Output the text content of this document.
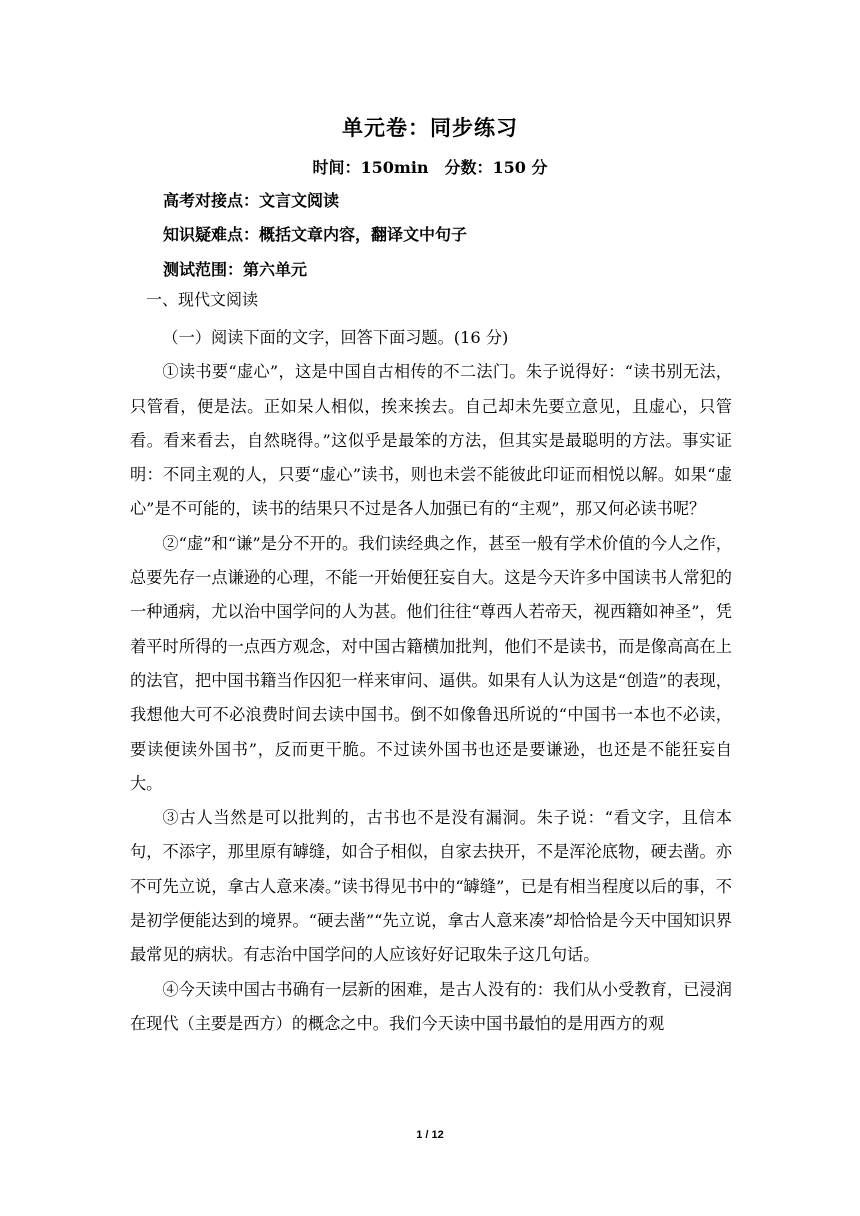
单元卷：同步练习
时间：150min　分数：150 分
高考对接点：文言文阅读
知识疑难点：概括文章内容，翻译文中句子
测试范围：第六单元
一、现代文阅读

（一）阅读下面的文字，回答下面习题。(16 分)

①读书要“虚心”，这是中国自古相传的不二法门。朱子说得好：“读书别无法，只管看，便是法。正如呆人相似，挨来挨去。自己却未先要立意见，且虚心，只管看。看来看去，自然晓得。”这似乎是最笨的方法，但其实是最聪明的方法。事实证明：不同主观的人，只要“虚心”读书，则也未尝不能彼此印证而相悦以解。如果“虚心”是不可能的，读书的结果只不过是各人加强已有的“主观”，那又何必读书呢？

②“虚”和“谦”是分不开的。我们读经典之作，甚至一般有学术价值的今人之作，总要先存一点谦逊的心理，不能一开始便狂妄自大。这是今天许多中国读书人常犯的一种通病，尤以治中国学问的人为甚。他们往往“尊西人若帝天，视西籍如神圣”，凭着平时所得的一点西方观念，对中国古籍横加批判，他们不是读书，而是像高高在上的法官，把中国书籍当作囚犯一样来审问、逼供。如果有人认为这是“创造”的表现，我想他大可不必浪费时间去读中国书。倒不如像鲁迅所说的“中国书一本也不必读，要读便读外国书”，反而更干脆。不过读外国书也还是要谦逊，也还是不能狂妄自大。

③古人当然是可以批判的，古书也不是没有漏洞。朱子说：“看文字，且信本句，不添字，那里原有罅缝，如合子相似，自家去抉开，不是浑沦底物，硬去凿。亦不可先立说，拿古人意来凑。”读书得见书中的“罅缝”，已是有相当程度以后的事，不是初学便能达到的境界。“硬去凿”“先立说，拿古人意来凑”却恰恰是今天中国知识界最常见的病状。有志治中国学问的人应该好好记取朱子这几句话。

④今天读中国古书确有一层新的困难，是古人没有的：我们从小受教育，已浸润在现代（主要是西方）的概念之中。我们今天读中国书最怕的是用西方的观

1 / 12
